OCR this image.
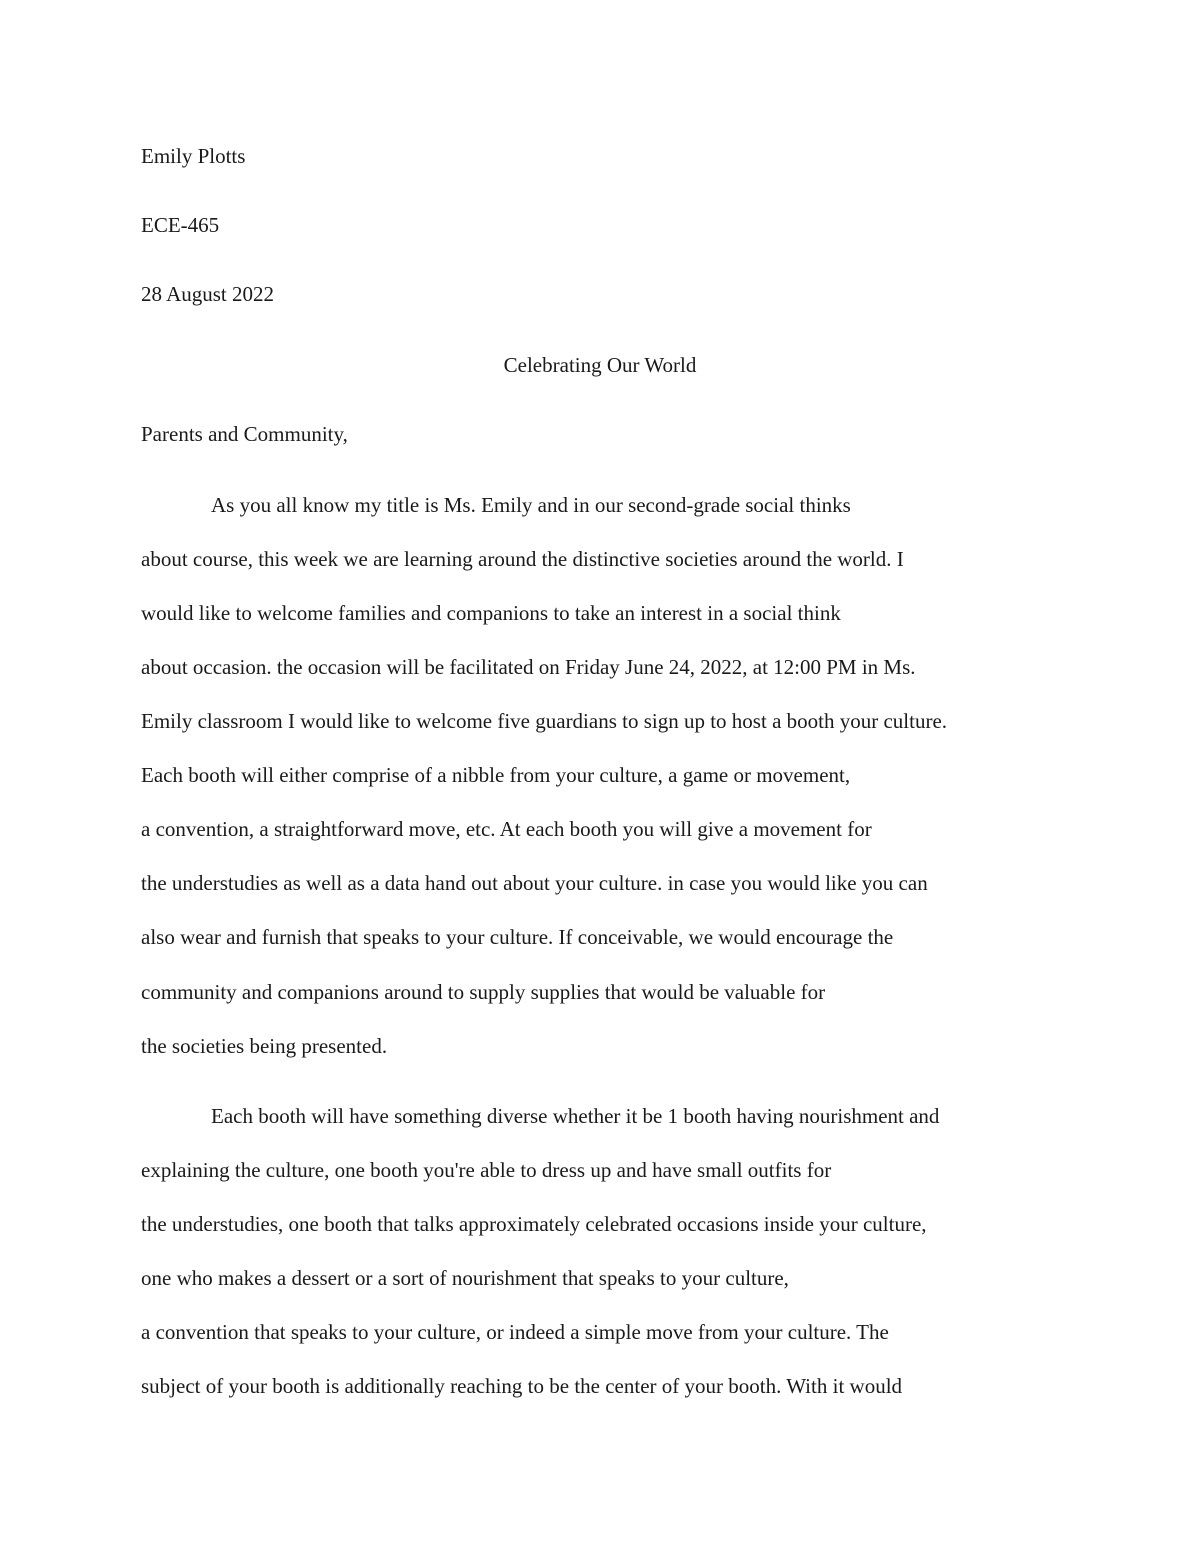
Emily Plotts
ECE-465
28 August 2022
Celebrating Our World
Parents and Community,
As you all know my title is Ms. Emily and in our second-grade social thinks
about course, this week we are learning around the distinctive societies around the world. I
would like to welcome families and companions to take an interest in a social think
about occasion. the occasion will be facilitated on Friday June 24, 2022, at 12:00 PM in Ms.
Emily classroom I would like to welcome five guardians to sign up to host a booth your culture.
Each booth will either comprise of a nibble from your culture, a game or movement,
a convention, a straightforward move, etc. At each booth you will give a movement for
the understudies as well as a data hand out about your culture. in case you would like you can
also wear and furnish that speaks to your culture. If conceivable, we would encourage the
community and companions around to supply supplies that would be valuable for
the societies being presented.
Each booth will have something diverse whether it be 1 booth having nourishment and
explaining the culture, one booth you're able to dress up and have small outfits for
the understudies, one booth that talks approximately celebrated occasions inside your culture,
one who makes a dessert or a sort of nourishment that speaks to your culture,
a convention that speaks to your culture, or indeed a simple move from your culture. The
subject of your booth is additionally reaching to be the center of your booth. With it would
